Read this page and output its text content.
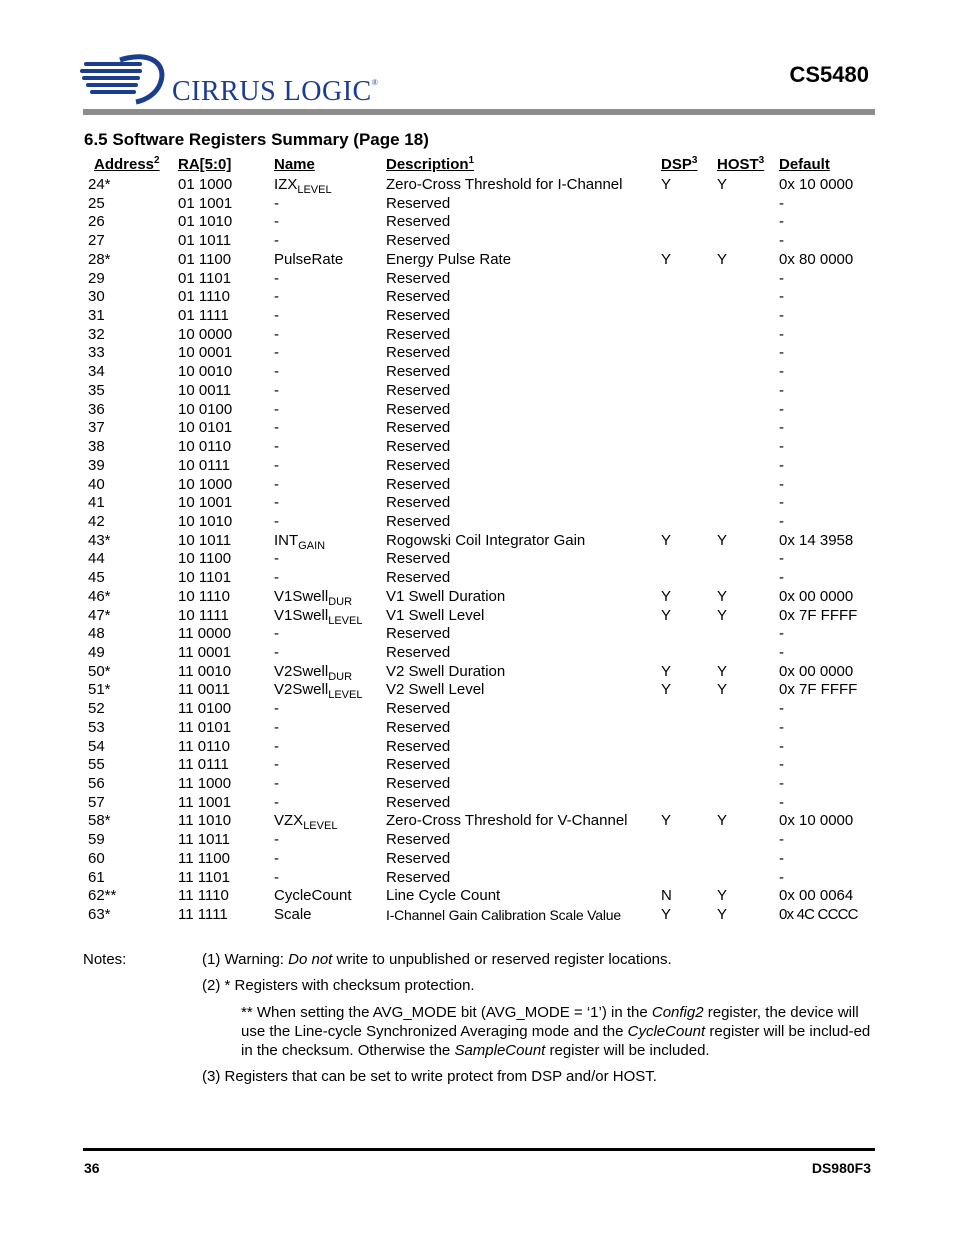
CIRRUS LOGIC®	CS5480
6.5 Software Registers Summary (Page 18)
Address$^2$	RA[5:0]	Name	Description$^1$	DSP$^3$	HOST$^3$	Default
24*	01 1000	$IZX_{LEVEL}$	Zero-Cross Threshold for I-Channel	Y	Y	0x 10 0000
25	01 1001	-	Reserved			-
26	01 1010	-	Reserved			-
27	01 1011	-	Reserved			-
28*	01 1100	PulseRate	Energy Pulse Rate	Y	Y	0x 80 0000
29	01 1101	-	Reserved			-
30	01 1110	-	Reserved			-
31	01 1111	-	Reserved			-
32	10 0000	-	Reserved			-
33	10 0001	-	Reserved			-
34	10 0010	-	Reserved			-
35	10 0011	-	Reserved			-
36	10 0100	-	Reserved			-
37	10 0101	-	Reserved			-
38	10 0110	-	Reserved			-
39	10 0111	-	Reserved			-
40	10 1000	-	Reserved			-
41	10 1001	-	Reserved			-
42	10 1010	-	Reserved			-
43*	10 1011	$INT_{GAIN}$	Rogowski Coil Integrator Gain	Y	Y	0x 14 3958
44	10 1100	-	Reserved			-
45	10 1101	-	Reserved			-
46*	10 1110	V1Swell$_{DUR}$	V1 Swell Duration	Y	Y	0x 00 0000
47*	10 1111	V1Swell$_{LEVEL}$	V1 Swell Level	Y	Y	0x 7F FFFF
48	11 0000	-	Reserved			-
49	11 0001	-	Reserved			-
50*	11 0010	V2Swell$_{DUR}$	V2 Swell Duration	Y	Y	0x 00 0000
51*	11 0011	V2Swell$_{LEVEL}$	V2 Swell Level	Y	Y	0x 7F FFFF
52	11 0100	-	Reserved			-
53	11 0101	-	Reserved			-
54	11 0110	-	Reserved			-
55	11 0111	-	Reserved			-
56	11 1000	-	Reserved			-
57	11 1001	-	Reserved			-
58*	11 1010	$VZX_{LEVEL}$	Zero-Cross Threshold for V-Channel	Y	Y	0x 10 0000
59	11 1011	-	Reserved			-
60	11 1100	-	Reserved			-
61	11 1101	-	Reserved			-
62**	11 1110	CycleCount	Line Cycle Count	N	Y	0x 00 0064
63*	11 1111	Scale	I-Channel Gain Calibration Scale Value	Y	Y	0x 4C CCCC
Notes:	(1) Warning: Do not write to unpublished or reserved register locations.
(2) * Registers with checksum protection.
** When setting the AVG_MODE bit (AVG_MODE = ‘1’) in the Config2 register, the device will use the Line-cycle Synchronized Averaging mode and the CycleCount register will be includ-ed in the checksum. Otherwise the SampleCount register will be included.
(3) Registers that can be set to write protect from DSP and/or HOST.
36	DS980F3
